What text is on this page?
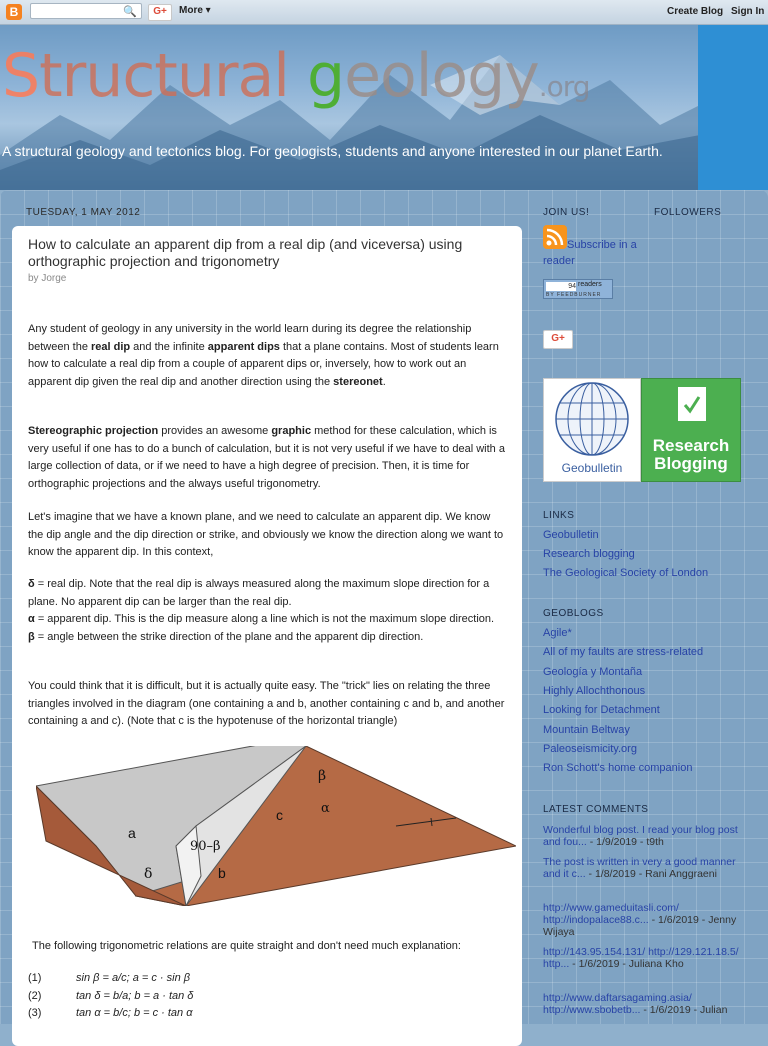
B	🔍	G+	More ▾	Create Blog Sign In
Structural geology.org
A structural geology and tectonics blog. For geologists, students and anyone interested in our planet Earth.
TUESDAY, 1 MAY 2012
How to calculate an apparent dip from a real dip (and viceversa) using orthographic projection and trigonometry
by Jorge
Any student of geology in any university in the world learn during its degree the relationship between the real dip and the infinite apparent dips that a plane contains. Most of students learn how to calculate a real dip from a couple of apparent dips or, inversely, how to work out an apparent dip given the real dip and another direction using the stereonet.
Stereographic projection provides an awesome graphic method for these calculation, which is very useful if one has to do a bunch of calculation, but it is not very useful if we have to deal with a large collection of data, or if we need to have a high degree of precision. Then, it is time for orthographic projections and the always useful trigonometry.
Let's imagine that we have a known plane, and we need to calculate an apparent dip. We know the dip angle and the dip direction or strike, and obviously we know the direction along we want to know the apparent dip. In this context,
δ = real dip. Note that the real dip is always measured along the maximum slope direction for a plane. No apparent dip can be larger than the real dip.
α = apparent dip. This is the dip measure along a line which is not the maximum slope direction.
β = angle between the strike direction of the plane and the apparent dip direction.
You could think that it is difficult, but it is actually quite easy. The "trick" lies on relating the three triangles involved in the diagram (one containing a and b, another containing c and b, and another containing a and c). (Note that c is the hypotenuse of the horizontal triangle)
a
b
c
β
α
δ
90–β
The following trigonometric relations are quite straight and don't need much explanation:
(1)	sin β = a/c; a = c · sin β
(2)	tan δ = b/a; b = a · tan δ
(3)	tan α = b/c; b = c · tan α
JOIN US!	FOLLOWERS
Subscribe in a reader
94 readers
BY FEEDBURNER
G+
Geobulletin
Research Blogging
LINKS
Geobulletin
Research blogging
The Geological Society of London
GEOBLOGS
Agile*
All of my faults are stress-related
Geología y Montaña
Highly Allochthonous
Looking for Detachment
Mountain Beltway
Paleoseismicity.org
Ron Schott's home companion
LATEST COMMENTS
Wonderful blog post. I read your blog post and fou... - 1/9/2019 - t9th
The post is written in very a good manner and it c... - 1/8/2019 - Rani Anggraeni
http://www.gameduitasli.com/ http://indopalace88.c... - 1/6/2019 - Jenny Wijaya
http://143.95.154.131/ http://129.121.18.5/ http... - 1/6/2019 - Juliana Kho
http://www.daftarsagaming.asia/ http://www.sbobetb... - 1/6/2019 - Julian
